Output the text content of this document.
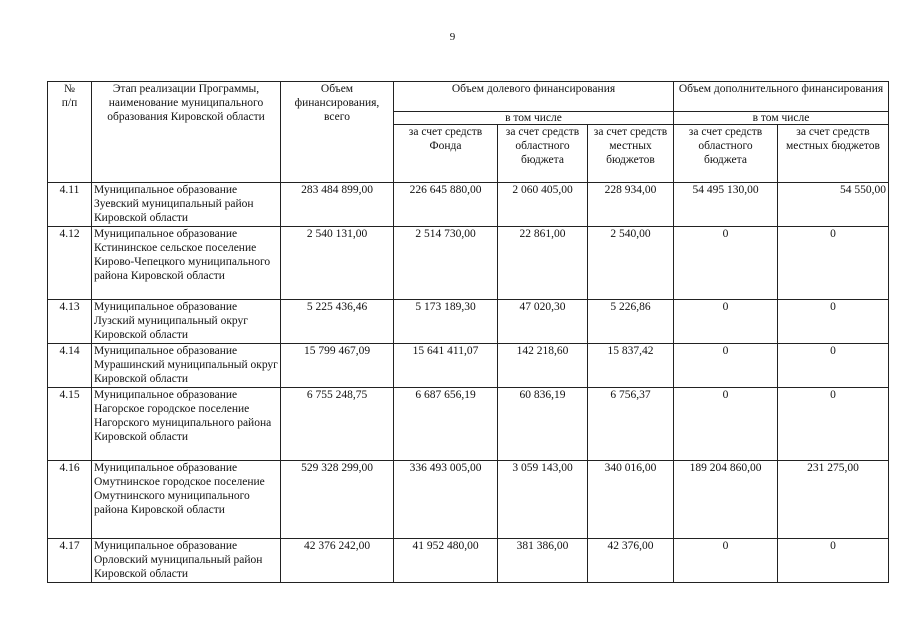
9
№
п/п	Этап реализации Программы, наименование муниципального образования Кировской области	Объем финансирования, всего	Объем долевого финансирования			Объем дополнительного финансирования	
			в том числе			в том числе	
			за счет средств Фонда	за счет средств областного бюджета	за счет средств местных бюджетов	за счет средств областного бюджета	за счет средств местных бюджетов
4.11	Муниципальное образование Зуевский муниципальный район Кировской области	283 484 899,00	226 645 880,00	2 060 405,00	228 934,00	54 495 130,00	54 550,00
4.12	Муниципальное образование Кстининское сельское поселение Кирово-Чепецкого муниципального района Кировской области	2 540 131,00	2 514 730,00	22 861,00	2 540,00	0	0
4.13	Муниципальное образование Лузский муниципальный округ Кировской области	5 225 436,46	5 173 189,30	47 020,30	5 226,86	0	0
4.14	Муниципальное образование Мурашинский муниципальный округ Кировской области	15 799 467,09	15 641 411,07	142 218,60	15 837,42	0	0
4.15	Муниципальное образование Нагорское городское поселение Нагорского муниципального района Кировской области	6 755 248,75	6 687 656,19	60 836,19	6 756,37	0	0
4.16	Муниципальное образование Омутнинское городское поселение Омутнинского муниципального района Кировской области	529 328 299,00	336 493 005,00	3 059 143,00	340 016,00	189 204 860,00	231 275,00
4.17	Муниципальное образование Орловский муниципальный район Кировской области	42 376 242,00	41 952 480,00	381 386,00	42 376,00	0	0
